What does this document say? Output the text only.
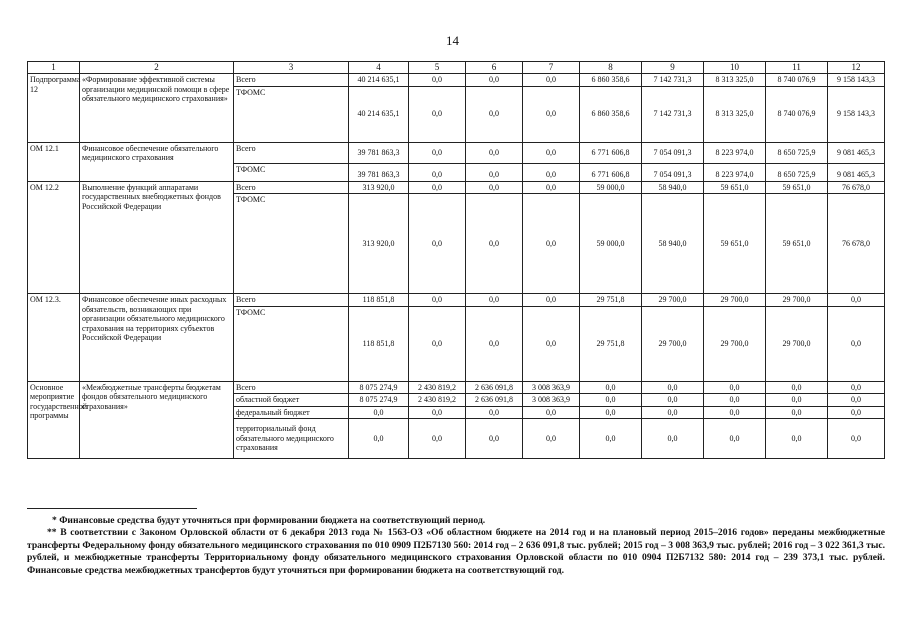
14
1	2	3	4	5	6	7	8	9	10	11	12
Подпрограмма 12	«Формирование эффективной системы организации медицинской помощи в сфере обязательного медицинского страхования»	Всего	40 214 635,1	0,0	0,0	0,0	6 860 358,6	7 142 731,3	8 313 325,0	8 740 076,9	9 158 143,3
		ТФОМС	40 214 635,1	0,0	0,0	0,0	6 860 358,6	7 142 731,3	8 313 325,0	8 740 076,9	9 158 143,3
ОМ 12.1	Финансовое обеспечение обязательного медицинского страхования	Всего	39 781 863,3	0,0	0,0	0,0	6 771 606,8	7 054 091,3	8 223 974,0	8 650 725,9	9 081 465,3
		ТФОМС	39 781 863,3	0,0	0,0	0,0	6 771 606,8	7 054 091,3	8 223 974,0	8 650 725,9	9 081 465,3
ОМ 12.2	Выполнение функций аппаратами государственных внебюджетных фондов Российской Федерации	Всего	313 920,0	0,0	0,0	0,0	59 000,0	58 940,0	59 651,0	59 651,0	76 678,0
		ТФОМС	313 920,0	0,0	0,0	0,0	59 000,0	58 940,0	59 651,0	59 651,0	76 678,0
ОМ 12.3.	Финансовое обеспечение иных расходных обязательств, возникающих при организации обязательного медицинского страхования на территориях субъектов Российской Федерации	Всего	118 851,8	0,0	0,0	0,0	29 751,8	29 700,0	29 700,0	29 700,0	0,0
		ТФОМС	118 851,8	0,0	0,0	0,0	29 751,8	29 700,0	29 700,0	29 700,0	0,0
Основное мероприятие государственной программы	«Межбюджетные трансферты бюджетам фондов обязательного медицинского страхования»	Всего	8 075 274,9	2 430 819,2	2 636 091,8	3 008 363,9	0,0	0,0	0,0	0,0	0,0
		областной бюджет	8 075 274,9	2 430 819,2	2 636 091,8	3 008 363,9	0,0	0,0	0,0	0,0	0,0
		федеральный бюджет	0,0	0,0	0,0	0,0	0,0	0,0	0,0	0,0	0,0
		территориальный фонд обязательного медицинского страхования	0,0	0,0	0,0	0,0	0,0	0,0	0,0	0,0	0,0

* Финансовые средства будут уточняться при формировании бюджета на соответствующий период.

** В соответствии с Законом Орловской области от 6 декабря 2013 года № 1563-ОЗ «Об областном бюджете на 2014 год и на плановый период 2015–2016 годов» переданы межбюджетные трансферты Федеральному фонду обязательного медицинского страхования по 010 0909 П2Б7130 560: 2014 год – 2 636 091,8 тыс. рублей; 2015 год – 3 008 363,9 тыс. рублей; 2016 год – 3 022 361,3 тыс. рублей, и межбюджетные трансферты Территориальному фонду обязательного медицинского страхования Орловской области по 010 0904 П2Б7132 580: 2014 год – 239 373,1 тыс. рублей. Финансовые средства межбюджетных трансфертов будут уточняться при формировании бюджета на соответствующий год.
